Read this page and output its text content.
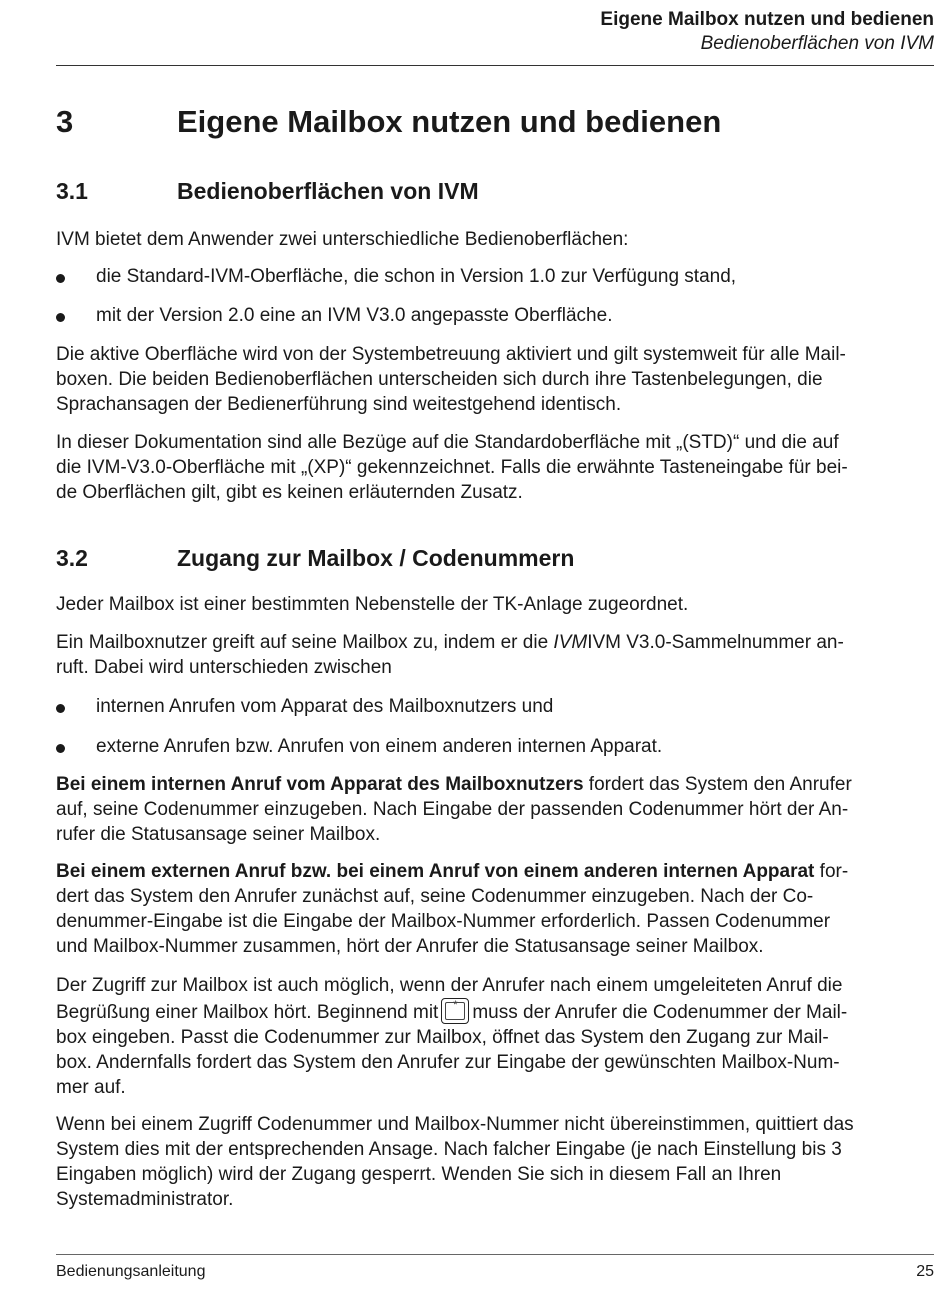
Eigene Mailbox nutzen und bedienen
Bedienoberflächen von IVM
3	Eigene Mailbox nutzen und bedienen
3.1	Bedienoberflächen von IVM
IVM bietet dem Anwender zwei unterschiedliche Bedienoberflächen:
die Standard-IVM-Oberfläche, die schon in Version 1.0 zur Verfügung stand,
mit der Version 2.0 eine an IVM V3.0 angepasste Oberfläche.
Die aktive Oberfläche wird von der Systembetreuung aktiviert und gilt systemweit für alle Mail-
boxen. Die beiden Bedienoberflächen unterscheiden sich durch ihre Tastenbelegungen, die
Sprachansagen der Bedienerführung sind weitestgehend identisch.
In dieser Dokumentation sind alle Bezüge auf die Standardoberfläche mit „(STD)“ und die auf
die IVM-V3.0-Oberfläche mit „(XP)“ gekennzeichnet. Falls die erwähnte Tasteneingabe für bei-
de Oberflächen gilt, gibt es keinen erläuternden Zusatz.
3.2	Zugang zur Mailbox / Codenummern
Jeder Mailbox ist einer bestimmten Nebenstelle der TK-Anlage zugeordnet.
Ein Mailboxnutzer greift auf seine Mailbox zu, indem er die IVMIVM V3.0-Sammelnummer an-
ruft. Dabei wird unterschieden zwischen
internen Anrufen vom Apparat des Mailboxnutzers und
externe Anrufen bzw. Anrufen von einem anderen internen Apparat.
Bei einem internen Anruf vom Apparat des Mailboxnutzers fordert das System den Anrufer
auf, seine Codenummer einzugeben. Nach Eingabe der passenden Codenummer hört der An-
rufer die Statusansage seiner Mailbox.
Bei einem externen Anruf bzw. bei einem Anruf von einem anderen internen Apparat for-
dert das System den Anrufer zunächst auf, seine Codenummer einzugeben. Nach der Co-
denummer-Eingabe ist die Eingabe der Mailbox-Nummer erforderlich. Passen Codenummer
und Mailbox-Nummer zusammen, hört der Anrufer die Statusansage seiner Mailbox.
Der Zugriff zur Mailbox ist auch möglich, wenn der Anrufer nach einem umgeleiteten Anruf die
Begrüßung einer Mailbox hört. Beginnend mit	* muss der Anrufer die Codenummer der Mail-
box eingeben. Passt die Codenummer zur Mailbox, öffnet das System den Zugang zur Mail-
box. Andernfalls fordert das System den Anrufer zur Eingabe der gewünschten Mailbox-Num-
mer auf.
Wenn bei einem Zugriff Codenummer und Mailbox-Nummer nicht übereinstimmen, quittiert das
System dies mit der entsprechenden Ansage. Nach falcher Eingabe (je nach Einstellung bis 3
Eingaben möglich) wird der Zugang gesperrt. Wenden Sie sich in diesem Fall an Ihren
Systemadministrator.
Bedienungsanleitung	25
